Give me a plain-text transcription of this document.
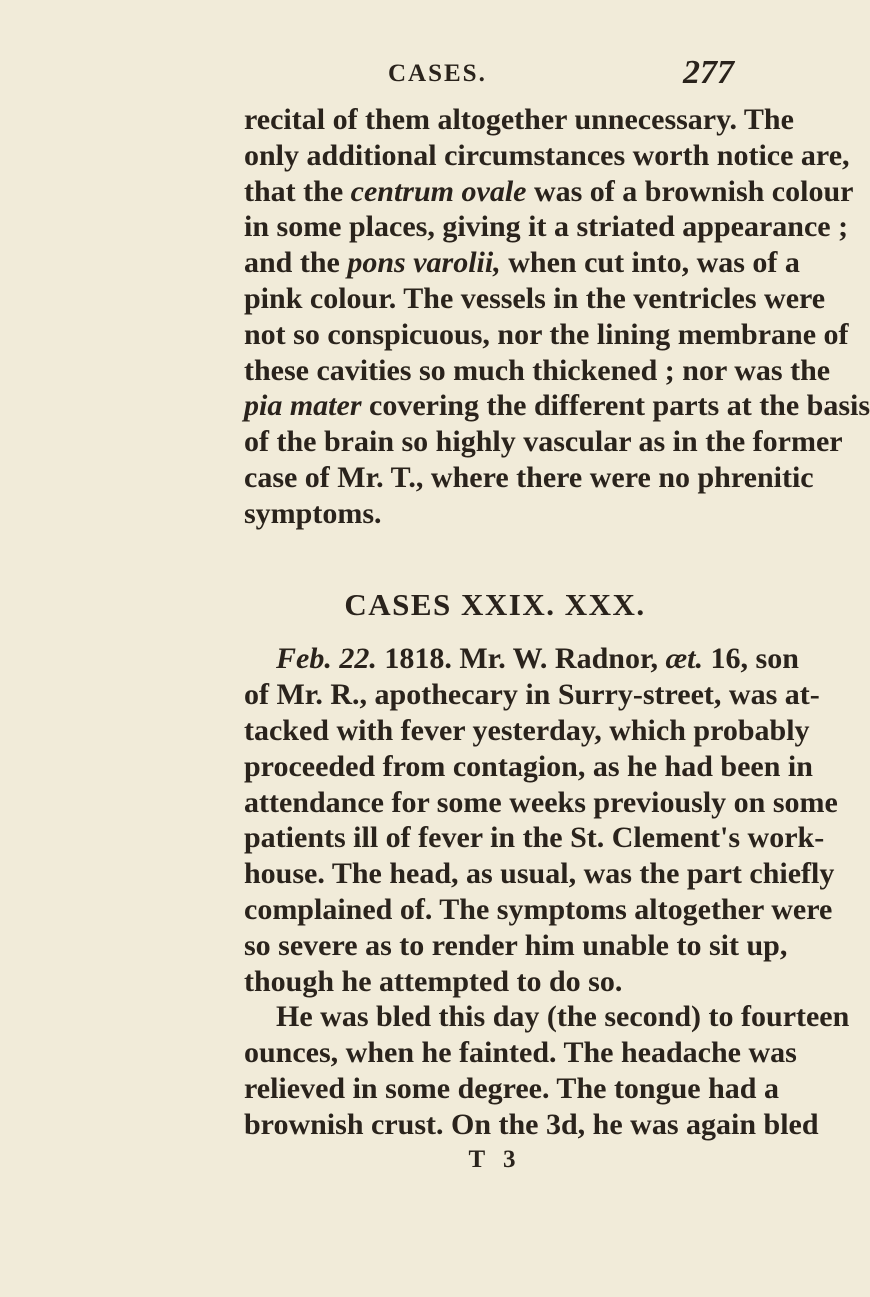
CASES.	277
recital of them altogether unnecessary. The
only additional circumstances worth notice are,
that the centrum ovale was of a brownish colour
in some places, giving it a striated appearance ;
and the pons varolii, when cut into, was of a
pink colour. The vessels in the ventricles were
not so conspicuous, nor the lining membrane of
these cavities so much thickened ; nor was the
pia mater covering the different parts at the basis
of the brain so highly vascular as in the former
case of Mr. T., where there were no phrenitic
symptoms.
CASES XXIX. XXX.
Feb. 22. 1818. Mr. W. Radnor, æt. 16, son
of Mr. R., apothecary in Surry-street, was at-
tacked with fever yesterday, which probably
proceeded from contagion, as he had been in
attendance for some weeks previously on some
patients ill of fever in the St. Clement's work-
house. The head, as usual, was the part chiefly
complained of. The symptoms altogether were
so severe as to render him unable to sit up,
though he attempted to do so.
He was bled this day (the second) to fourteen
ounces, when he fainted. The headache was
relieved in some degree. The tongue had a
brownish crust. On the 3d, he was again bled
T 3
